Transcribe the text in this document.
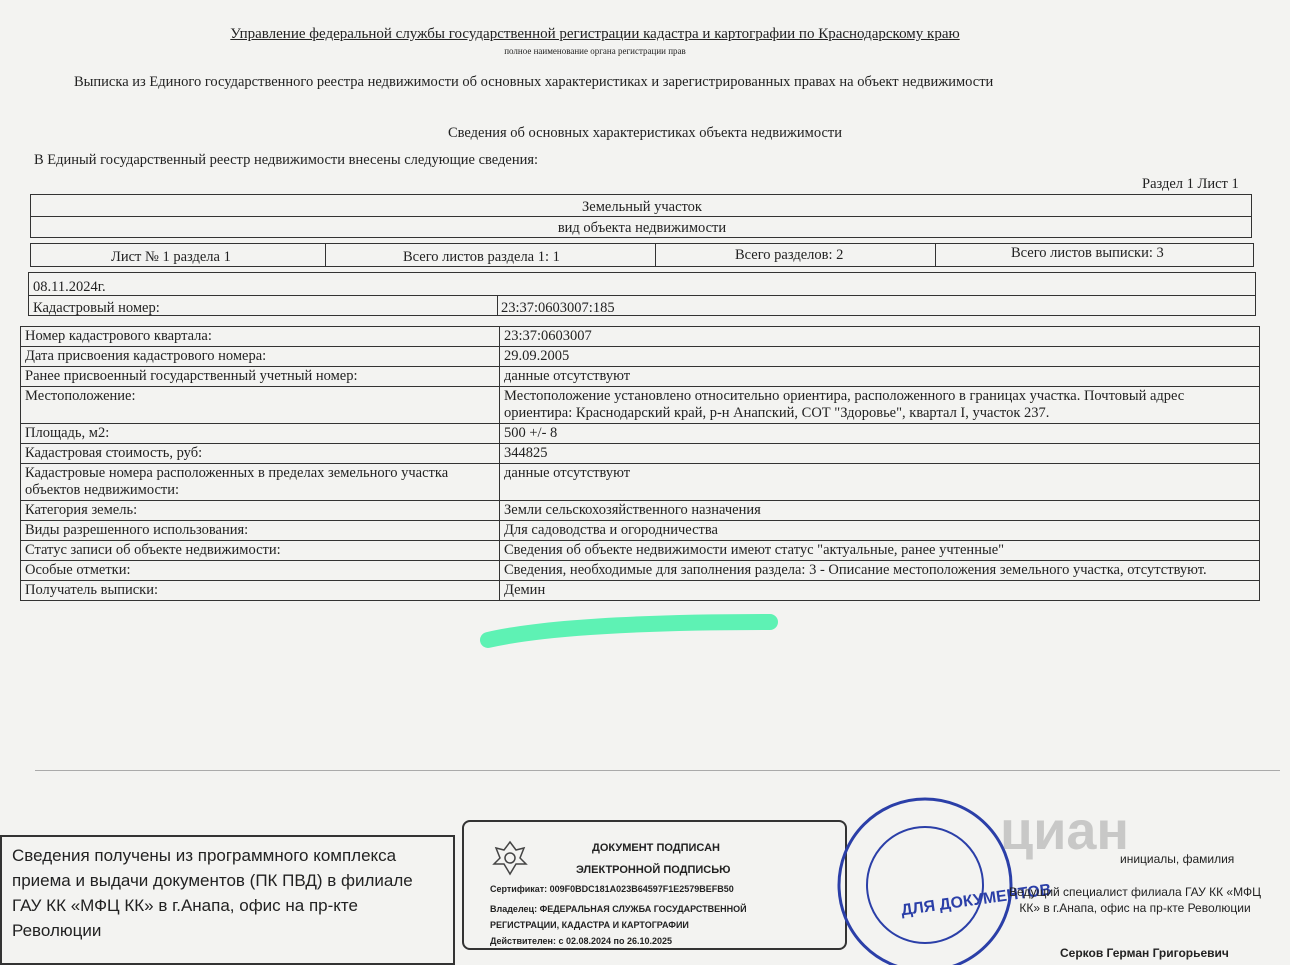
Управление федеральной службы государственной регистрации кадастра и картографии по Краснодарскому краю
полное наименование органа регистрации прав
Выписка из Единого государственного реестра недвижимости об основных характеристиках и зарегистрированных правах на объект недвижимости
Сведения об основных характеристиках объекта недвижимости
В Единый государственный реестр недвижимости внесены следующие сведения:
Раздел 1 Лист 1
Земельный участок
вид объекта недвижимости
Лист № 1 раздела 1	Всего листов раздела 1: 1	Всего разделов: 2	Всего листов выписки: 3
08.11.2024г.
Кадастровый номер:	23:37:0603007:185
Номер кадастрового квартала:	23:37:0603007
Дата присвоения кадастрового номера:	29.09.2005
Ранее присвоенный государственный учетный номер:	данные отсутствуют
Местоположение:	Местоположение установлено относительно ориентира, расположенного в границах участка. Почтовый адрес ориентира: Краснодарский край, р-н Анапский, СОТ "Здоровье", квартал I, участок 237.
Площадь, м2:	500 +/- 8
Кадастровая стоимость, руб:	344825
Кадастровые номера расположенных в пределах земельного участка объектов недвижимости:	данные отсутствуют
Категория земель:	Земли сельскохозяйственного назначения
Виды разрешенного использования:	Для садоводства и огородничества
Статус записи об объекте недвижимости:	Сведения об объекте недвижимости имеют статус "актуальные, ранее учтенные"
Особые отметки:	Сведения, необходимые для заполнения раздела: 3 - Описание местоположения земельного участка, отсутствуют.
Получатель выписки:	Демин
Сведения получены из программного комплекса приема и выдачи документов (ПК ПВД) в филиале ГАУ КК «МФЦ КК» в г.Анапа, офис на пр-кте Революции
ДОКУМЕНТ ПОДПИСАН
ЭЛЕКТРОННОЙ ПОДПИСЬЮ
Сертификат: 009F0BDC181A023B64597F1E2579BEFB50
Владелец: ФЕДЕРАЛЬНАЯ СЛУЖБА ГОСУДАРСТВЕННОЙ
РЕГИСТРАЦИИ, КАДАСТРА И КАРТОГРАФИИ
Действителен: с 02.08.2024 по 26.10.2025
ДЛЯ ДОКУМЕНТОВ
инициалы, фамилия
Ведущий специалист филиала ГАУ КК «МФЦ КК» в г.Анапа, офис на пр-кте Революции
Серков Герман Григорьевич
циан
